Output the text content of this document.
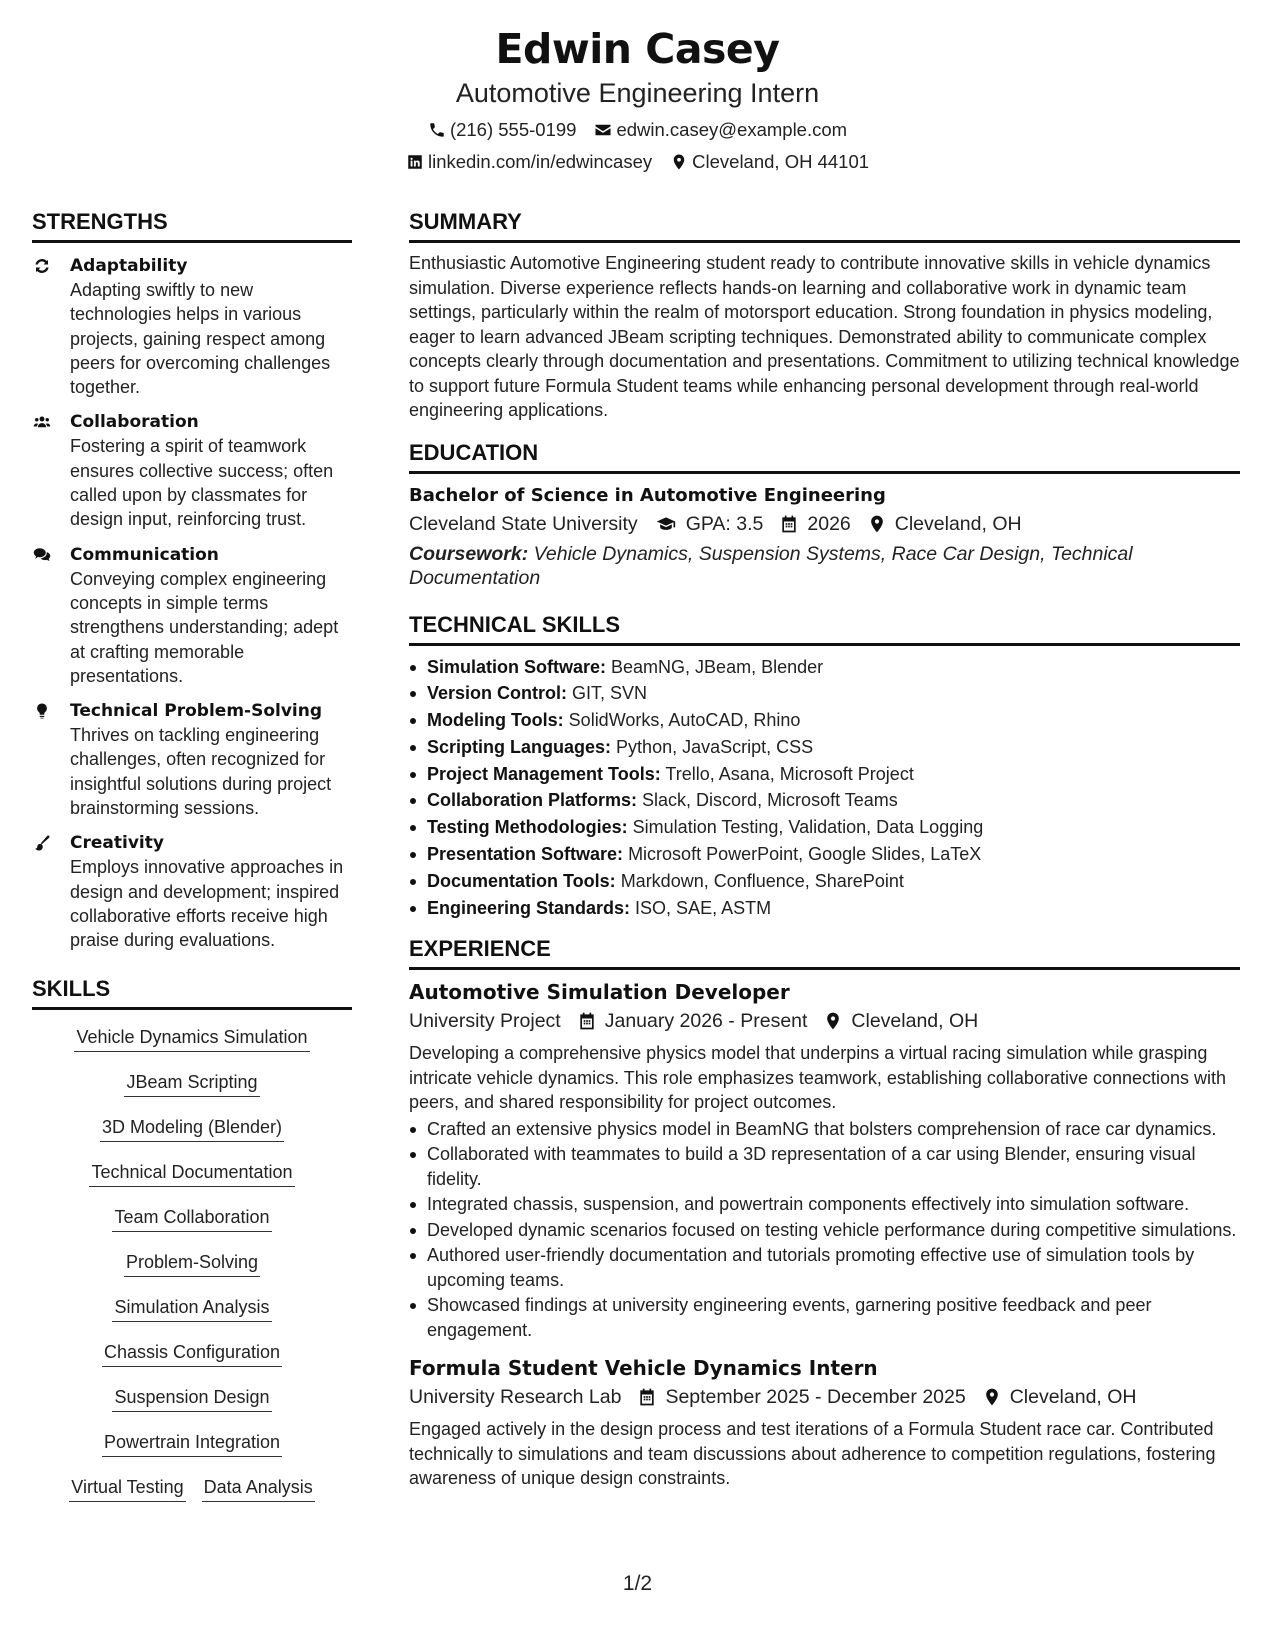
Edwin Casey
Automotive Engineering Intern
(216) 555-0199 edwin.casey@example.com
linkedin.com/in/edwincasey Cleveland, OH 44101
STRENGTHS
Adaptability
Adapting swiftly to new technologies helps in various projects, gaining respect among peers for overcoming challenges together.
Collaboration
Fostering a spirit of teamwork ensures collective success; often called upon by classmates for design input, reinforcing trust.
Communication
Conveying complex engineering concepts in simple terms strengthens understanding; adept at crafting memorable presentations.
Technical Problem-Solving
Thrives on tackling engineering challenges, often recognized for insightful solutions during project brainstorming sessions.
Creativity
Employs innovative approaches in design and development; inspired collaborative efforts receive high praise during evaluations.
SKILLS
Vehicle Dynamics Simulation
JBeam Scripting
3D Modeling (Blender)
Technical Documentation
Team Collaboration
Problem-Solving
Simulation Analysis
Chassis Configuration
Suspension Design
Powertrain Integration
Virtual Testing Data Analysis
SUMMARY
Enthusiastic Automotive Engineering student ready to contribute innovative skills in vehicle dynamics simulation. Diverse experience reflects hands-on learning and collaborative work in dynamic team settings, particularly within the realm of motorsport education. Strong foundation in physics modeling, eager to learn advanced JBeam scripting techniques. Demonstrated ability to communicate complex concepts clearly through documentation and presentations. Commitment to utilizing technical knowledge to support future Formula Student teams while enhancing personal development through real-world engineering applications.
EDUCATION
Bachelor of Science in Automotive Engineering
Cleveland State University GPA: 3.5 2026 Cleveland, OH
Coursework: Vehicle Dynamics, Suspension Systems, Race Car Design, Technical Documentation
TECHNICAL SKILLS
Simulation Software: BeamNG, JBeam, Blender
Version Control: GIT, SVN
Modeling Tools: SolidWorks, AutoCAD, Rhino
Scripting Languages: Python, JavaScript, CSS
Project Management Tools: Trello, Asana, Microsoft Project
Collaboration Platforms: Slack, Discord, Microsoft Teams
Testing Methodologies: Simulation Testing, Validation, Data Logging
Presentation Software: Microsoft PowerPoint, Google Slides, LaTeX
Documentation Tools: Markdown, Confluence, SharePoint
Engineering Standards: ISO, SAE, ASTM
EXPERIENCE
Automotive Simulation Developer
University Project January 2026 - Present Cleveland, OH
Developing a comprehensive physics model that underpins a virtual racing simulation while grasping intricate vehicle dynamics. This role emphasizes teamwork, establishing collaborative connections with peers, and shared responsibility for project outcomes.
Crafted an extensive physics model in BeamNG that bolsters comprehension of race car dynamics.
Collaborated with teammates to build a 3D representation of a car using Blender, ensuring visual fidelity.
Integrated chassis, suspension, and powertrain components effectively into simulation software.
Developed dynamic scenarios focused on testing vehicle performance during competitive simulations.
Authored user-friendly documentation and tutorials promoting effective use of simulation tools by upcoming teams.
Showcased findings at university engineering events, garnering positive feedback and peer engagement.
Formula Student Vehicle Dynamics Intern
University Research Lab September 2025 - December 2025 Cleveland, OH
Engaged actively in the design process and test iterations of a Formula Student race car. Contributed technically to simulations and team discussions about adherence to competition regulations, fostering awareness of unique design constraints.
1/2
